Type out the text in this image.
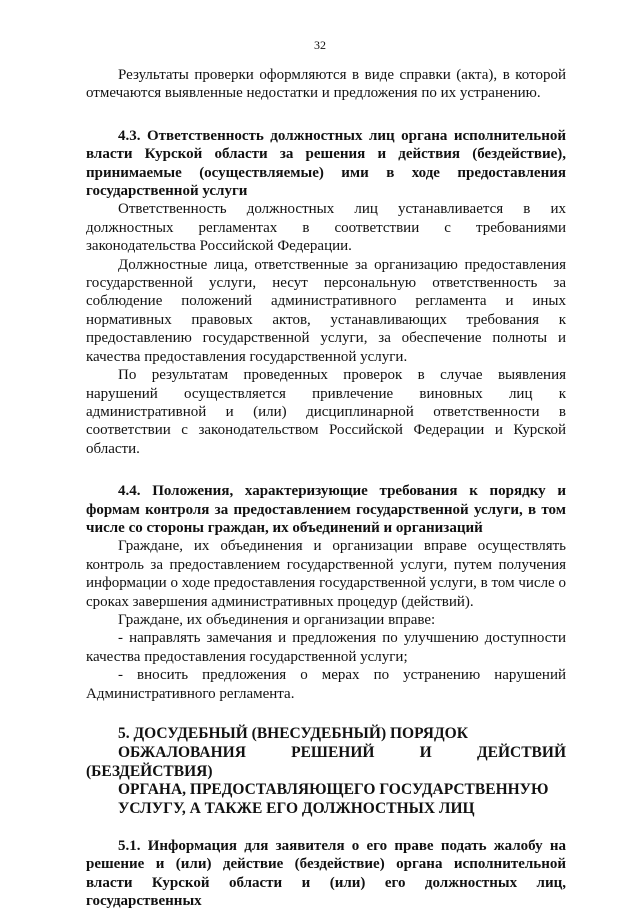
32

Результаты проверки оформляются в виде справки (акта), в которой отмечаются выявленные недостатки и предложения по их устранению.

4.3. Ответственность должностных лиц органа исполнительной власти Курской области за решения и действия (бездействие), принимаемые (осуществляемые) ими в ходе предоставления государственной услуги

Ответственность должностных лиц устанавливается в их должностных регламентах в соответствии с требованиями законодательства Российской Федерации.

Должностные лица, ответственные за организацию предоставления государственной услуги, несут персональную ответственность за соблюдение положений административного регламента и иных нормативных правовых актов, устанавливающих требования к предоставлению государственной услуги, за обеспечение полноты и качества предоставления государственной услуги.

По результатам проведенных проверок в случае выявления нарушений осуществляется привлечение виновных лиц к административной и (или) дисциплинарной ответственности в соответствии с законодательством Российской Федерации и Курской области.

4.4. Положения, характеризующие требования к порядку и формам контроля за предоставлением государственной услуги, в том числе со стороны граждан, их объединений и организаций

Граждане, их объединения и организации вправе осуществлять контроль за предоставлением государственной услуги, путем получения информации о ходе предоставления государственной услуги, в том числе о сроках завершения административных процедур (действий).

Граждане, их объединения и организации вправе:

- направлять замечания и предложения по улучшению доступности качества предоставления государственной услуги;

- вносить предложения о мерах по устранению нарушений Административного регламента.

5. ДОСУДЕБНЫЙ (ВНЕСУДЕБНЫЙ) ПОРЯДОК

ОБЖАЛОВАНИЯ РЕШЕНИЙ И ДЕЙСТВИЙ (БЕЗДЕЙСТВИЯ)

ОРГАНА, ПРЕДОСТАВЛЯЮЩЕГО ГОСУДАРСТВЕННУЮ

УСЛУГУ, А ТАКЖЕ ЕГО ДОЛЖНОСТНЫХ ЛИЦ

5.1. Информация для заявителя о его праве подать жалобу на решение и (или) действие (бездействие) органа исполнительной власти Курской области и (или) его должностных лиц, государственных
